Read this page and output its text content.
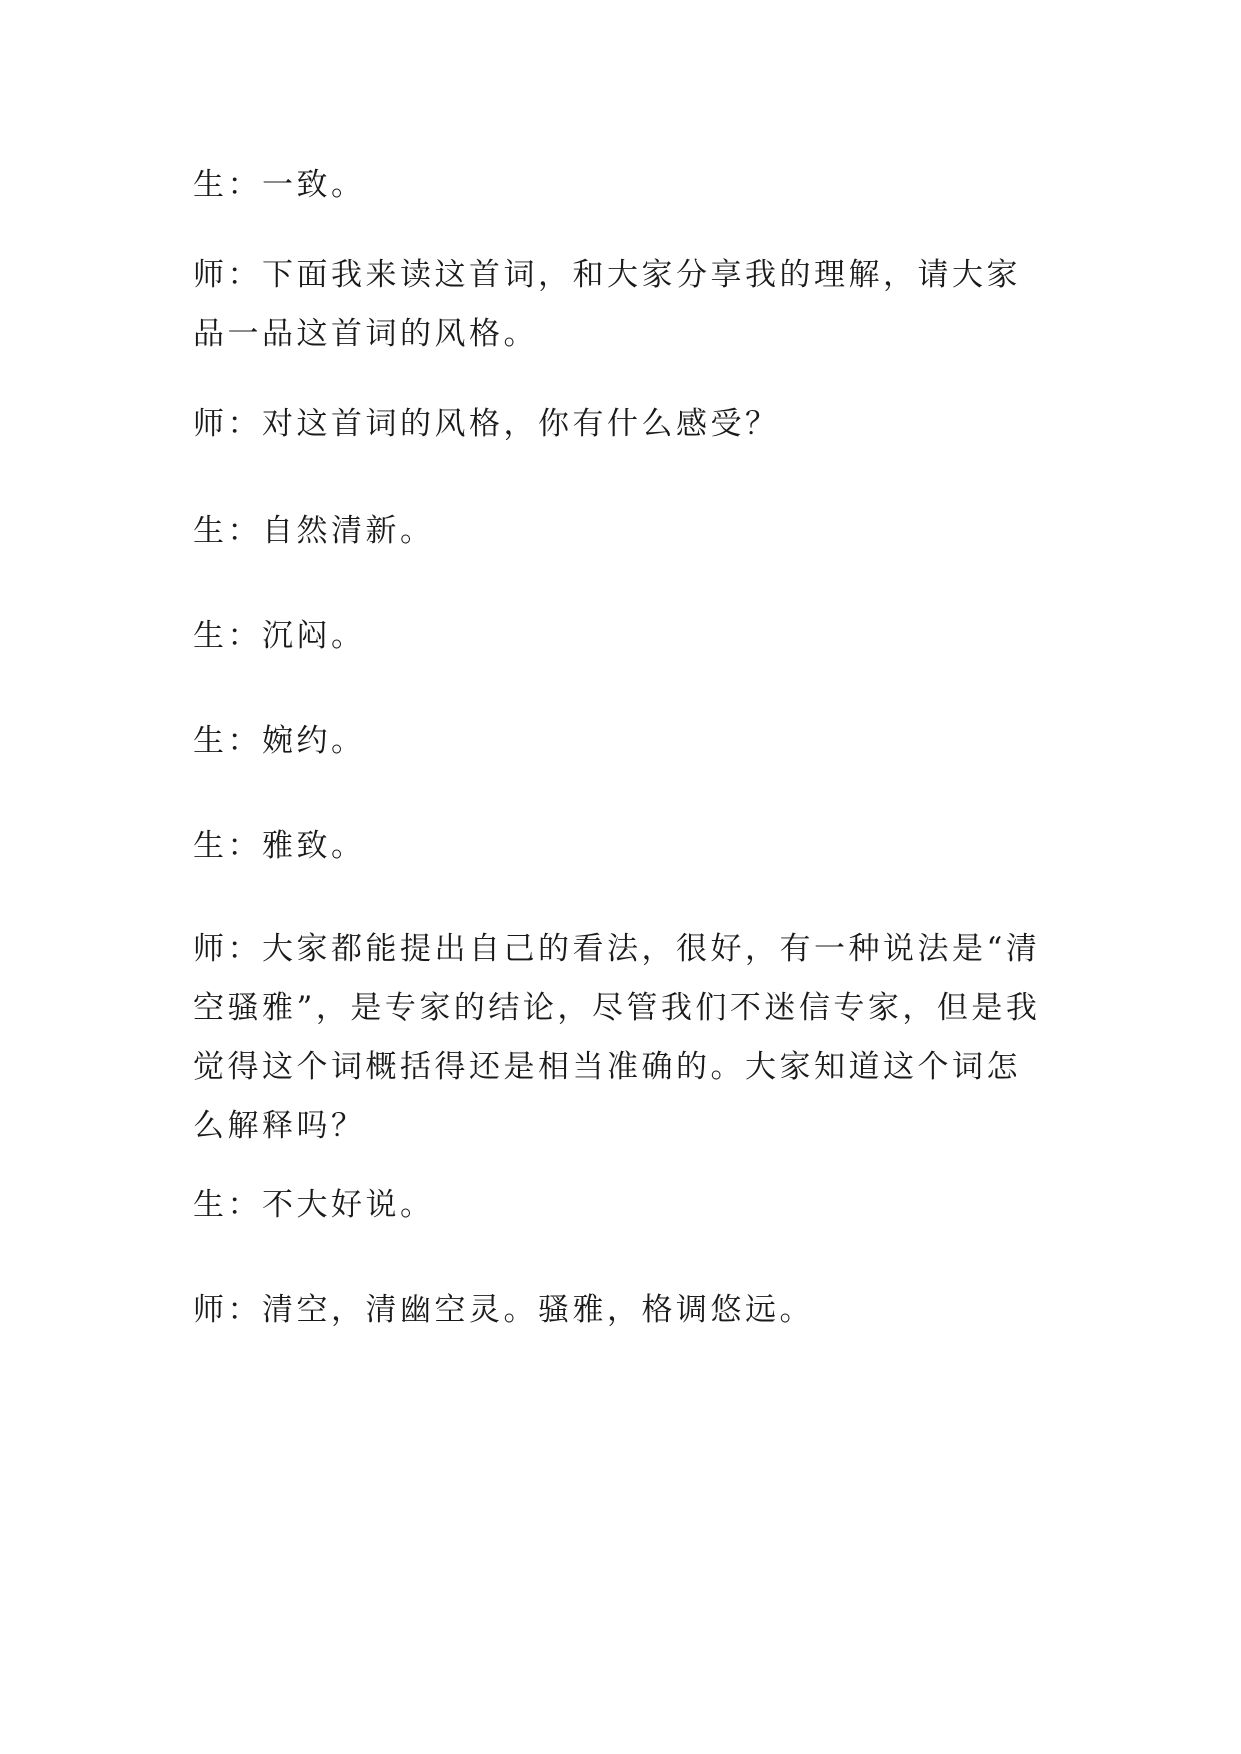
生：一致。

师：下面我来读这首词，和大家分享我的理解，请大家品一品这首词的风格。

师：对这首词的风格，你有什么感受？

生：自然清新。

生：沉闷。

生：婉约。

生：雅致。

师：大家都能提出自己的看法，很好，有一种说法是“清空骚雅”，是专家的结论，尽管我们不迷信专家，但是我觉得这个词概括得还是相当准确的。大家知道这个词怎么解释吗？

生：不大好说。

师：清空，清幽空灵。骚雅，格调悠远。
